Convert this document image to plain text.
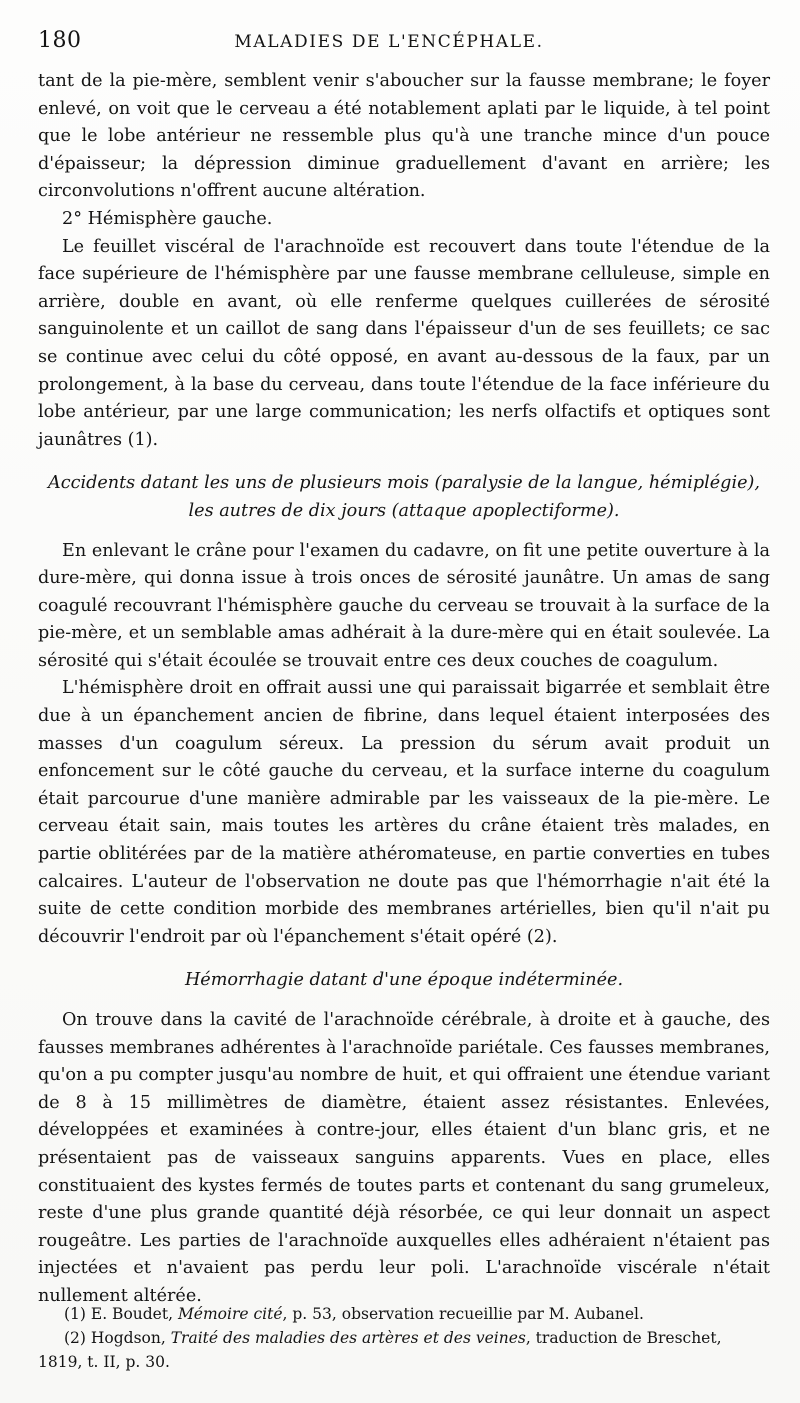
180	MALADIES DE L'ENCÉPHALE.

tant de la pie-mère, semblent venir s'aboucher sur la fausse membrane; le foyer enlevé, on voit que le cerveau a été notablement aplati par le liquide, à tel point que le lobe antérieur ne ressemble plus qu'à une tranche mince d'un pouce d'épaisseur; la dépression diminue graduellement d'avant en arrière; les circonvolutions n'offrent aucune altération.

2° Hémisphère gauche.

Le feuillet viscéral de l'arachnoïde est recouvert dans toute l'étendue de la face supérieure de l'hémisphère par une fausse membrane celluleuse, simple en arrière, double en avant, où elle renferme quelques cuillerées de sérosité sanguinolente et un caillot de sang dans l'épaisseur d'un de ses feuillets; ce sac se continue avec celui du côté opposé, en avant au-dessous de la faux, par un prolongement, à la base du cerveau, dans toute l'étendue de la face inférieure du lobe antérieur, par une large communication; les nerfs olfactifs et optiques sont jaunâtres (1).

Accidents datant les uns de plusieurs mois (paralysie de la langue, hémiplégie),
les autres de dix jours (attaque apoplectiforme).

En enlevant le crâne pour l'examen du cadavre, on fit une petite ouverture à la dure-mère, qui donna issue à trois onces de sérosité jaunâtre. Un amas de sang coagulé recouvrant l'hémisphère gauche du cerveau se trouvait à la surface de la pie-mère, et un semblable amas adhérait à la dure-mère qui en était soulevée. La sérosité qui s'était écoulée se trouvait entre ces deux couches de coagulum.

L'hémisphère droit en offrait aussi une qui paraissait bigarrée et semblait être due à un épanchement ancien de fibrine, dans lequel étaient interposées des masses d'un coagulum séreux. La pression du sérum avait produit un enfoncement sur le côté gauche du cerveau, et la surface interne du coagulum était parcourue d'une manière admirable par les vaisseaux de la pie-mère. Le cerveau était sain, mais toutes les artères du crâne étaient très malades, en partie oblitérées par de la matière athéromateuse, en partie converties en tubes calcaires. L'auteur de l'observation ne doute pas que l'hémorrhagie n'ait été la suite de cette condition morbide des membranes artérielles, bien qu'il n'ait pu découvrir l'endroit par où l'épanchement s'était opéré (2).

Hémorrhagie datant d'une époque indéterminée.

On trouve dans la cavité de l'arachnoïde cérébrale, à droite et à gauche, des fausses membranes adhérentes à l'arachnoïde pariétale. Ces fausses membranes, qu'on a pu compter jusqu'au nombre de huit, et qui offraient une étendue variant de 8 à 15 millimètres de diamètre, étaient assez résistantes. Enlevées, développées et examinées à contre-jour, elles étaient d'un blanc gris, et ne présentaient pas de vaisseaux sanguins apparents. Vues en place, elles constituaient des kystes fermés de toutes parts et contenant du sang grumeleux, reste d'une plus grande quantité déjà résorbée, ce qui leur donnait un aspect rougeâtre. Les parties de l'arachnoïde auxquelles elles adhéraient n'étaient pas injectées et n'avaient pas perdu leur poli. L'arachnoïde viscérale n'était nullement altérée.

(1) E. Boudet, Mémoire cité, p. 53, observation recueillie par M. Aubanel.

(2) Hogdson, Traité des maladies des artères et des veines, traduction de Breschet, 1819, t. II, p. 30.
